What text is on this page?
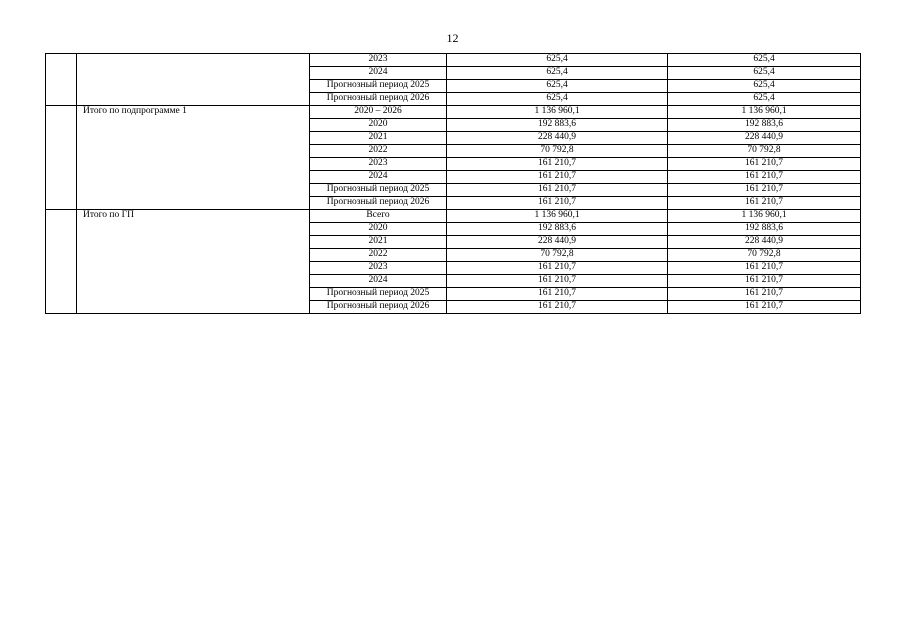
12
		2023	625,4	625,4
		2024	625,4	625,4
		Прогнозный период 2025	625,4	625,4
		Прогнозный период 2026	625,4	625,4
	Итого по подпрограмме 1	2020 – 2026	1 136 960,1	1 136 960,1
		2020	192 883,6	192 883,6
		2021	228 440,9	228 440,9
		2022	70 792,8	70 792,8
		2023	161 210,7	161 210,7
		2024	161 210,7	161 210,7
		Прогнозный период 2025	161 210,7	161 210,7
		Прогнозный период 2026	161 210,7	161 210,7
	Итого по ГП	Всего	1 136 960,1	1 136 960,1
		2020	192 883,6	192 883,6
		2021	228 440,9	228 440,9
		2022	70 792,8	70 792,8
		2023	161 210,7	161 210,7
		2024	161 210,7	161 210,7
		Прогнозный период 2025	161 210,7	161 210,7
		Прогнозный период 2026	161 210,7	161 210,7
